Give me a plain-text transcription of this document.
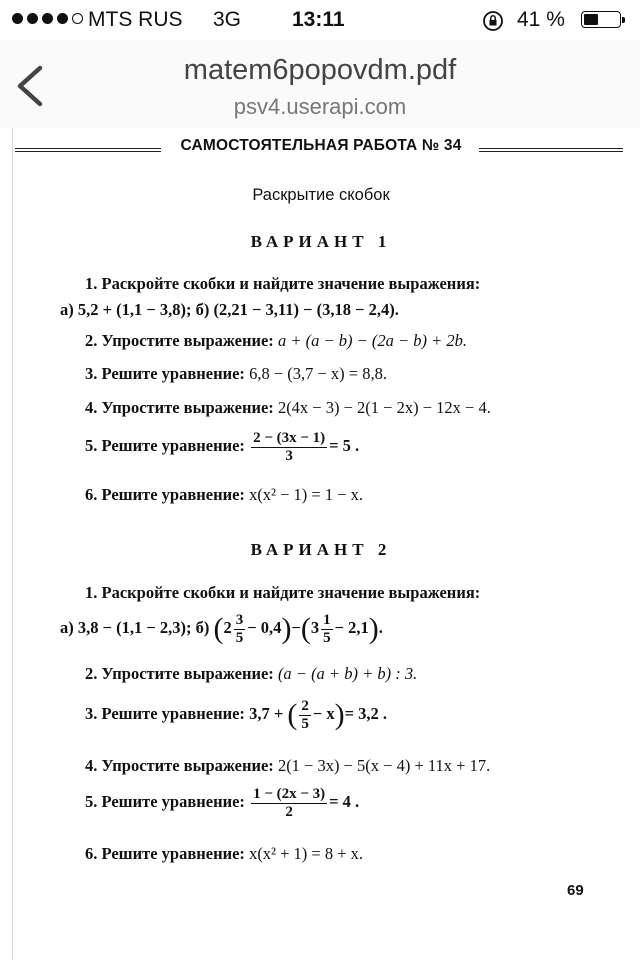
MTS RUS 3G 13:11	41 %
matem6popovdm.pdf
psv4.userapi.com
САМОСТОЯТЕЛЬНАЯ РАБОТА № 34
Раскрытие скобок
ВАРИАНТ 1
1. Раскройте скобки и найдите значение выражения:
а) 5,2 + (1,1 − 3,8); б) (2,21 − 3,11) − (3,18 − 2,4).
2. Упростите выражение: a + (a − b) − (2a − b) + 2b.
3. Решите уравнение: 6,8 − (3,7 − x) = 8,8.
4. Упростите выражение: 2(4x − 3) − 2(1 − 2x) − 12x − 4.
5. Решите уравнение: $\frac{2 - (3x - 1)}{3} = 5$ .
6. Решите уравнение: x(x² − 1) = 1 − x.
ВАРИАНТ 2
1. Раскройте скобки и найдите значение выражения:
а) 3,8 − (1,1 − 2,3); б) $(2 \frac{3}{5} - 0,4)-(3 \frac{1}{5} - 2,1)$.
2. Упростите выражение: (a − (a + b) + b) : 3.
3. Решите уравнение: 3,7 + ( $\frac{2}{5} - x)= 3,2$ .
4. Упростите выражение: 2(1 − 3x) − 5(x − 4) + 11x + 17.
5. Решите уравнение: $\frac{1 - (2x - 3)}{2} = 4$ .
6. Решите уравнение: x(x² + 1) = 8 + x.
69
